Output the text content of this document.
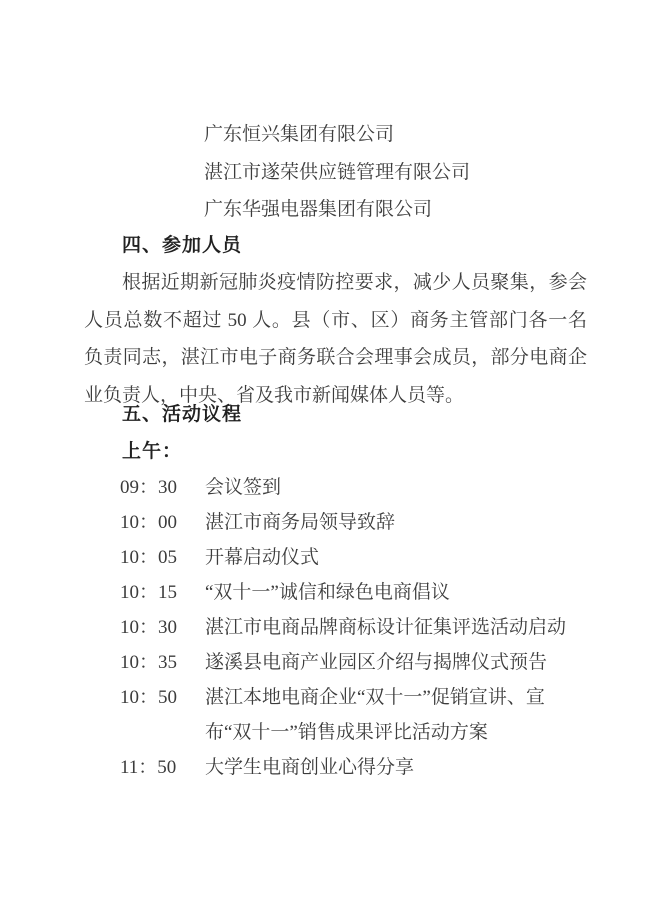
广东恒兴集团有限公司
湛江市遂荣供应链管理有限公司
广东华强电器集团有限公司
四、参加人员

根据近期新冠肺炎疫情防控要求，减少人员聚集，参会人员总数不超过 50 人。县（市、区）商务主管部门各一名负责同志，湛江市电子商务联合会理事会成员，部分电商企业负责人，中央、省及我市新闻媒体人员等。

五、活动议程
上午：
09：30	会议签到
10：00	湛江市商务局领导致辞
10：05	开幕启动仪式
10：15	“双十一”诚信和绿色电商倡议
10：30	湛江市电商品牌商标设计征集评选活动启动
10：35	遂溪县电商产业园区介绍与揭牌仪式预告
10：50	湛江本地电商企业“双十一”促销宣讲、宣
布“双十一”销售成果评比活动方案
11：50	大学生电商创业心得分享
